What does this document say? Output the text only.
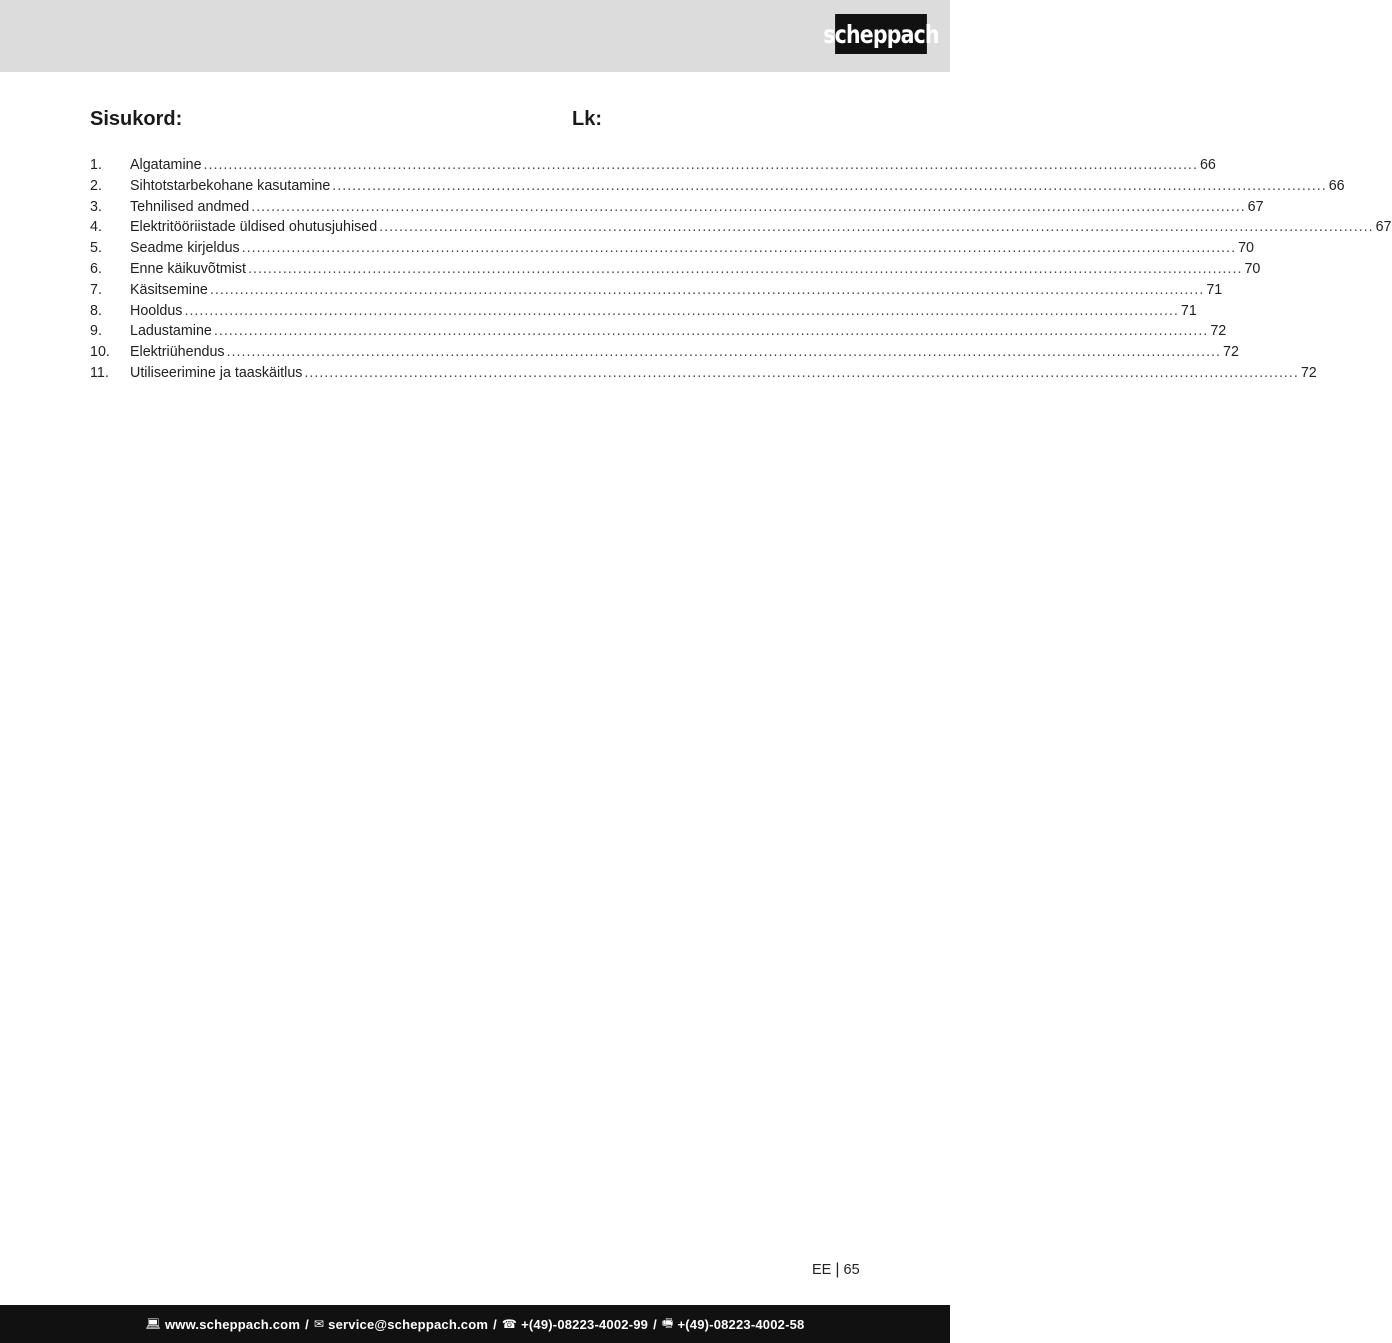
scheppach
Sisukord:	Lk:
1.	Algatamine ........................................................................................................................................................................................................ 66
2.	Sihtotstarbekohane kasutamine ........................................................................................................................................................................................................ 66
3.	Tehnilised andmed ........................................................................................................................................................................................................ 67
4.	Elektritööriistade üldised ohutusjuhised ........................................................................................................................................................................................................ 67
5.	Seadme kirjeldus ........................................................................................................................................................................................................ 70
6.	Enne käikuvõtmist ........................................................................................................................................................................................................ 70
7.	Käsitsemine ........................................................................................................................................................................................................ 71
8.	Hooldus ........................................................................................................................................................................................................ 71
9.	Ladustamine ........................................................................................................................................................................................................ 72
10.	Elektriühendus ........................................................................................................................................................................................................ 72
11.	Utiliseerimine ja taaskäitlus ........................................................................................................................................................................................................ 72
EE | 65
💻︎ www.scheppach.com / ✉︎ service@scheppach.com / ☎︎ +(49)-08223-4002-99 / 🖷︎ +(49)-08223-4002-58
